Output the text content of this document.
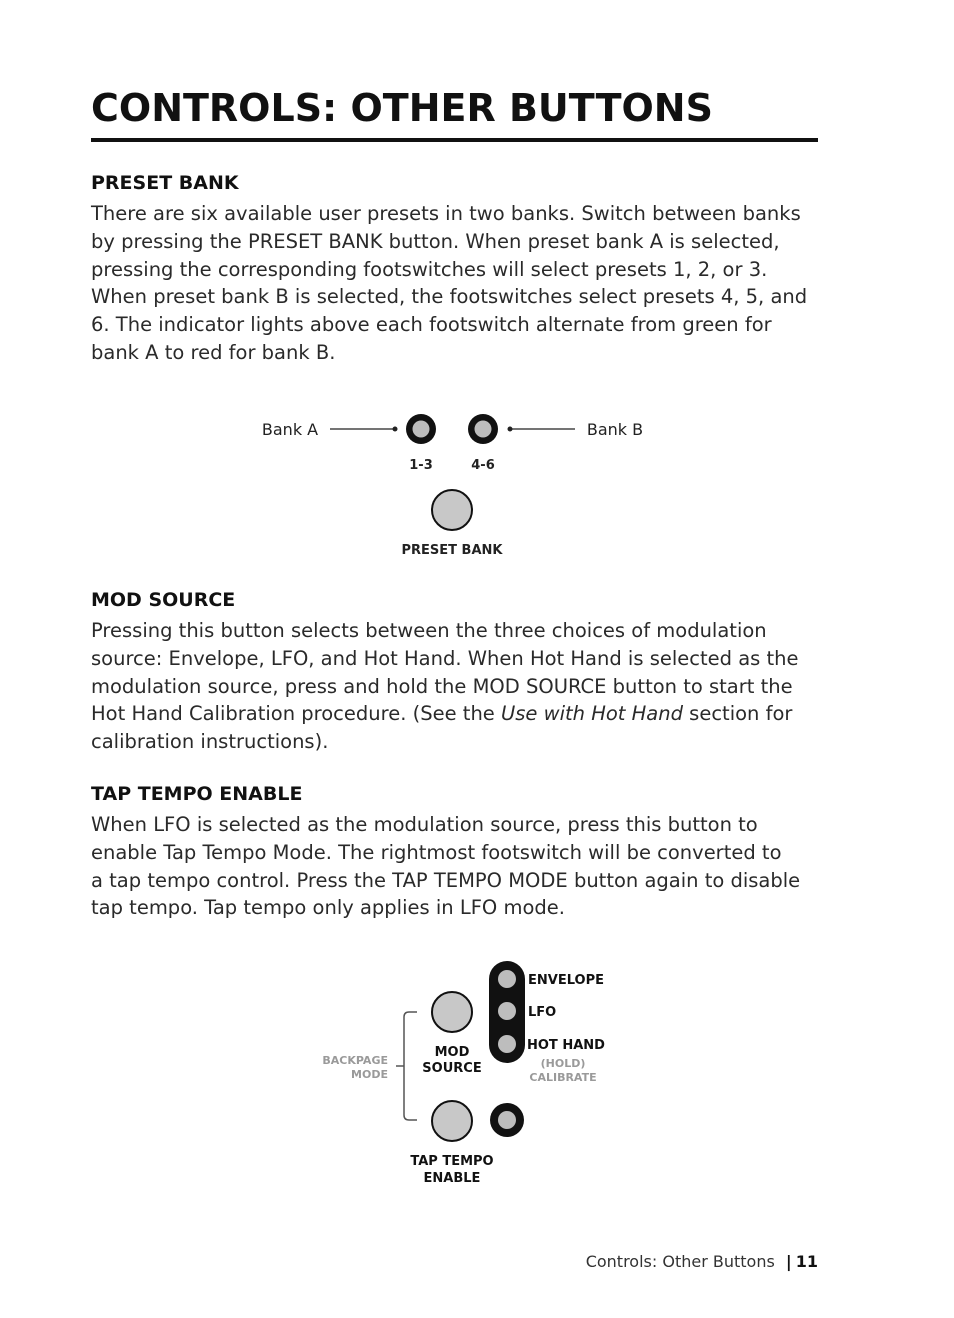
CONTROLS: OTHER BUTTONS
PRESET BANK

There are six available user presets in two banks. Switch between banks
by pressing the PRESET BANK button. When preset bank A is selected,
pressing the corresponding footswitches will select presets 1, 2, or 3.
When preset bank B is selected, the footswitches select presets 4, 5, and
6. The indicator lights above each footswitch alternate from green for
bank A to red for bank B.

Bank A	Bank B
1-3	4-6
PRESET BANK
MOD SOURCE

Pressing this button selects between the three choices of modulation
source: Envelope, LFO, and Hot Hand. When Hot Hand is selected as the
modulation source, press and hold the MOD SOURCE button to start the
Hot Hand Calibration procedure. (See the Use with Hot Hand section for
calibration instructions).

TAP TEMPO ENABLE

When LFO is selected as the modulation source, press this button to
enable Tap Tempo Mode. The rightmost footswitch will be converted to
a tap tempo control. Press the TAP TEMPO MODE button again to disable
tap tempo. Tap tempo only applies in LFO mode.

ENVELOPE
LFO
HOT HAND
(HOLD)
CALIBRATE
MOD
SOURCE
BACKPAGE
MODE
TAP TEMPO
ENABLE
Controls: Other Buttons | 11
